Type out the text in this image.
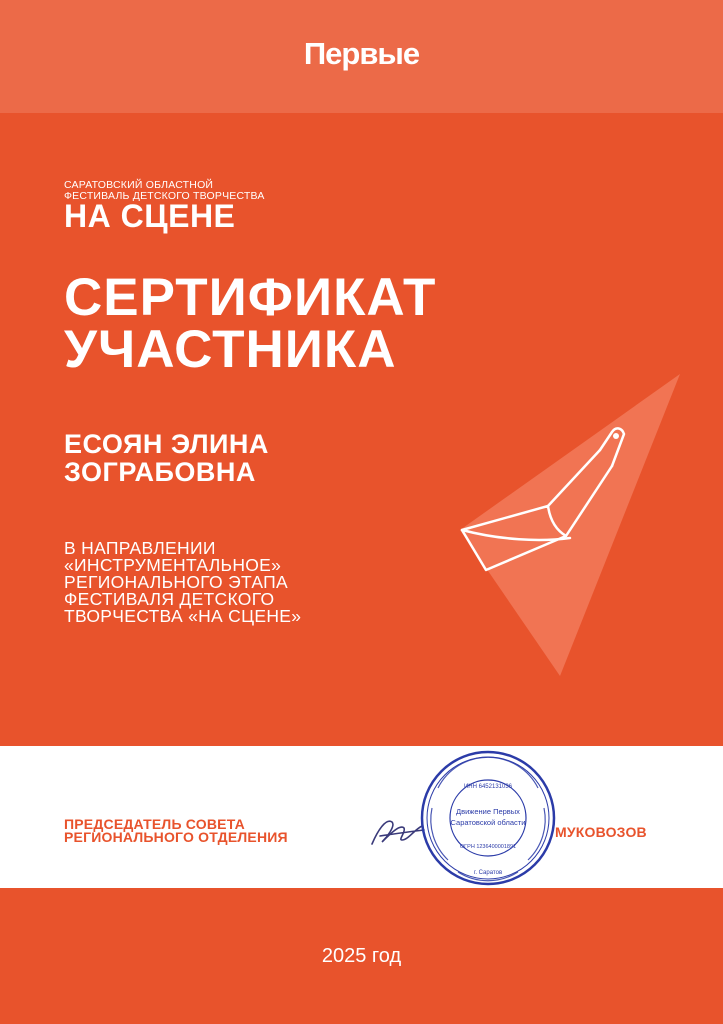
Первые
САРАТОВСКИЙ ОБЛАСТНОЙ
ФЕСТИВАЛЬ ДЕТСКОГО ТВОРЧЕСТВА
НА СЦЕНЕ
СЕРТИФИКАТ
УЧАСТНИКА
ЕСОЯН ЭЛИНА
ЗОГРАБОВНА
В НАПРАВЛЕНИИ
«ИНСТРУМЕНТАЛЬНОЕ»
РЕГИОНАЛЬНОГО ЭТАПА
ФЕСТИВАЛЯ ДЕТСКОГО
ТВОРЧЕСТВА «НА СЦЕНЕ»
ПРЕДСЕДАТЕЛЬ СОВЕТА
РЕГИОНАЛЬНОГО ОТДЕЛЕНИЯ
Движение Первых
Саратовской области
ИНН 6452131036
ОГРН 1236400001891
г. Саратов
МУКОВОЗОВ
2025 год
